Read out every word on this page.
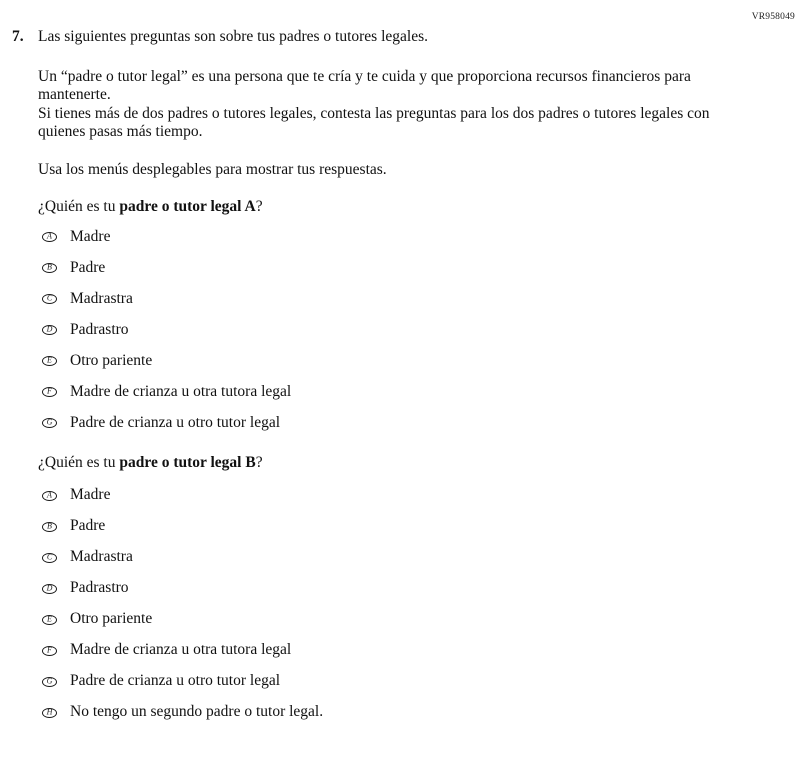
VR958049
7. Las siguientes preguntas son sobre tus padres o tutores legales.
Un “padre o tutor legal” es una persona que te cría y te cuida y que proporciona recursos financieros para mantenerte.
Si tienes más de dos padres o tutores legales, contesta las preguntas para los dos padres o tutores legales con quienes pasas más tiempo.
Usa los menús desplegables para mostrar tus respuestas.
¿Quién es tu padre o tutor legal A?
A Madre
B Padre
C Madrastra
D Padrastro
E Otro pariente
F Madre de crianza u otra tutora legal
G Padre de crianza u otro tutor legal
¿Quién es tu padre o tutor legal B?
A Madre
B Padre
C Madrastra
D Padrastro
E Otro pariente
F Madre de crianza u otra tutora legal
G Padre de crianza u otro tutor legal
H No tengo un segundo padre o tutor legal.
